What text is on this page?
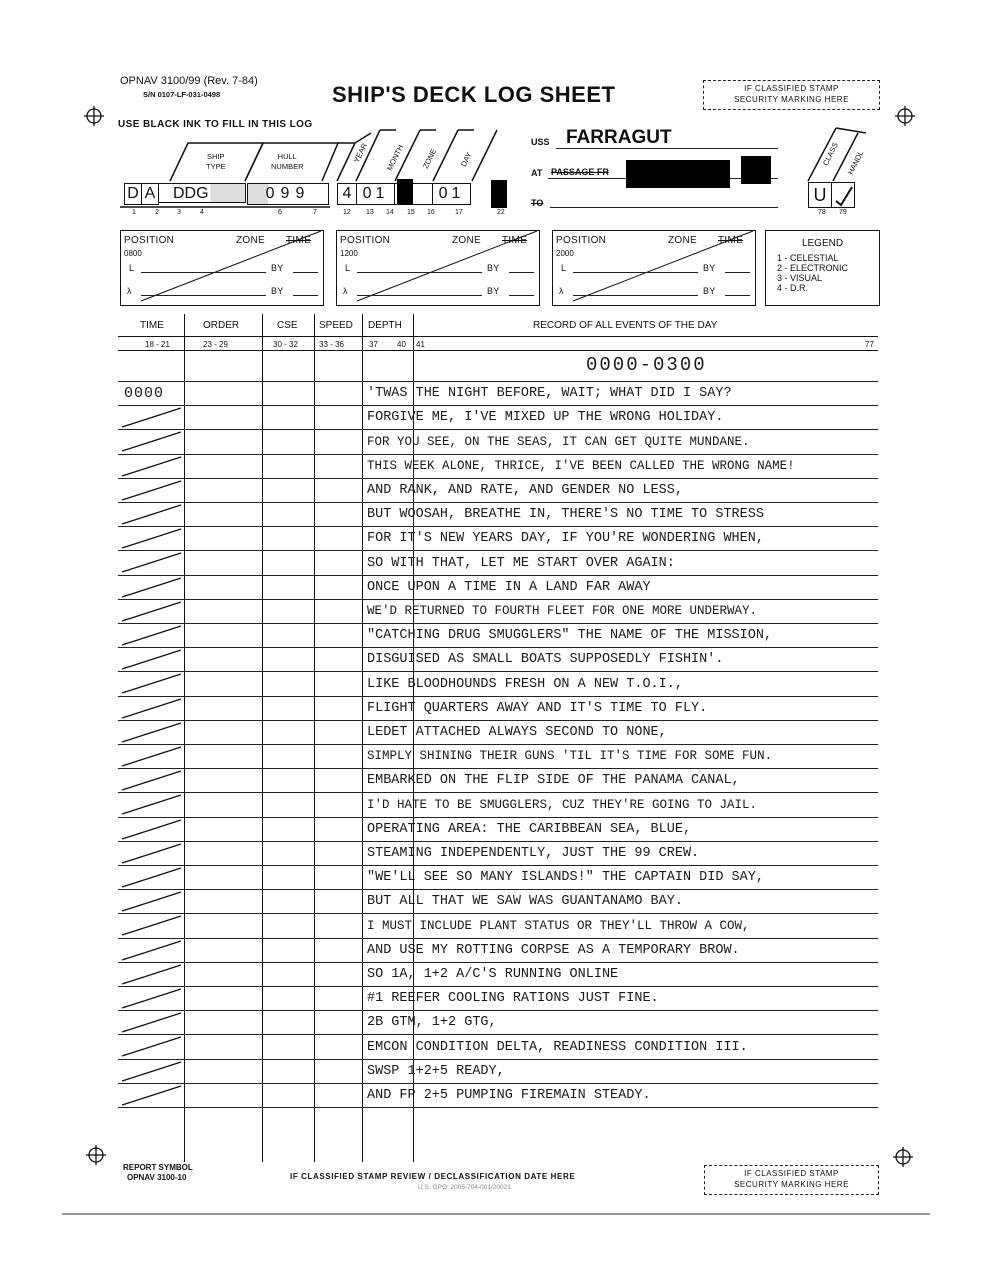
OPNAV 3100/99 (Rev. 7-84)
S/N 0107-LF-031-0498	SHIP'S DECK LOG SHEET	IF CLASSIFIED STAMP
SECURITY MARKING HERE
USE BLACK INK TO FILL IN THIS LOG
SHIP
TYPE
HULL
NUMBER
YEAR MONTH ZONE	DAY
D A	DDG	099	4 01	01
1	2	3	4	6	7	12 13 14 15 16	17	22
USS FARRAGUT
AT PASSAGE FR
TO
CLASS HANDL
U
78 79
POSITION	ZONE TIME
0800
L	BY
λ	BY
POSITION	ZONE TIME
1200
L	BY
λ	BY
POSITION	ZONE TIME
2000
L	BY
λ	BY
LEGEND
1 - CELESTIAL
2 - ELECTRONIC
3 - VISUAL
4 - D.R.
TIME	ORDER	CSE SPEED DEPTH	RECORD OF ALL EVENTS OF THE DAY
18 - 21	23 - 29	30 - 32	33 - 36	37 40 41	77
0000-0300
0000	'TWAS THE NIGHT BEFORE, WAIT; WHAT DID I SAY?
FORGIVE ME, I'VE MIXED UP THE WRONG HOLIDAY.
FOR YOU SEE, ON THE SEAS, IT CAN GET QUITE MUNDANE.
THIS WEEK ALONE, THRICE, I'VE BEEN CALLED THE WRONG NAME!
AND RANK, AND RATE, AND GENDER NO LESS,
BUT WOOSAH, BREATHE IN, THERE'S NO TIME TO STRESS
FOR IT'S NEW YEARS DAY, IF YOU'RE WONDERING WHEN,
SO WITH THAT, LET ME START OVER AGAIN:
ONCE UPON A TIME IN A LAND FAR AWAY
WE'D RETURNED TO FOURTH FLEET FOR ONE MORE UNDERWAY.
"CATCHING DRUG SMUGGLERS" THE NAME OF THE MISSION,
DISGUISED AS SMALL BOATS SUPPOSEDLY FISHIN'.
LIKE BLOODHOUNDS FRESH ON A NEW T.O.I.,
FLIGHT QUARTERS AWAY AND IT'S TIME TO FLY.
LEDET ATTACHED ALWAYS SECOND TO NONE,
SIMPLY SHINING THEIR GUNS 'TIL IT'S TIME FOR SOME FUN.
EMBARKED ON THE FLIP SIDE OF THE PANAMA CANAL,
I'D HATE TO BE SMUGGLERS, CUZ THEY'RE GOING TO JAIL.
OPERATING AREA: THE CARIBBEAN SEA, BLUE,
STEAMING INDEPENDENTLY, JUST THE 99 CREW.
"WE'LL SEE SO MANY ISLANDS!" THE CAPTAIN DID SAY,
BUT ALL THAT WE SAW WAS GUANTANAMO BAY.
I MUST INCLUDE PLANT STATUS OR THEY'LL THROW A COW,
AND USE MY ROTTING CORPSE AS A TEMPORARY BROW.
SO 1A, 1+2 A/C'S RUNNING ONLINE
#1 REEFER COOLING RATIONS JUST FINE.
2B GTM, 1+2 GTG,
EMCON CONDITION DELTA, READINESS CONDITION III.
SWSP 1+2+5 READY,
AND FP 2+5 PUMPING FIREMAIN STEADY.
REPORT SYMBOL
OPNAV 3100-10	IF CLASSIFIED STAMP REVIEW / DECLASSIFICATION DATE HERE
U.S. GPO: 2005-704-001/20021
IF CLASSIFIED STAMP
SECURITY MARKING HERE
